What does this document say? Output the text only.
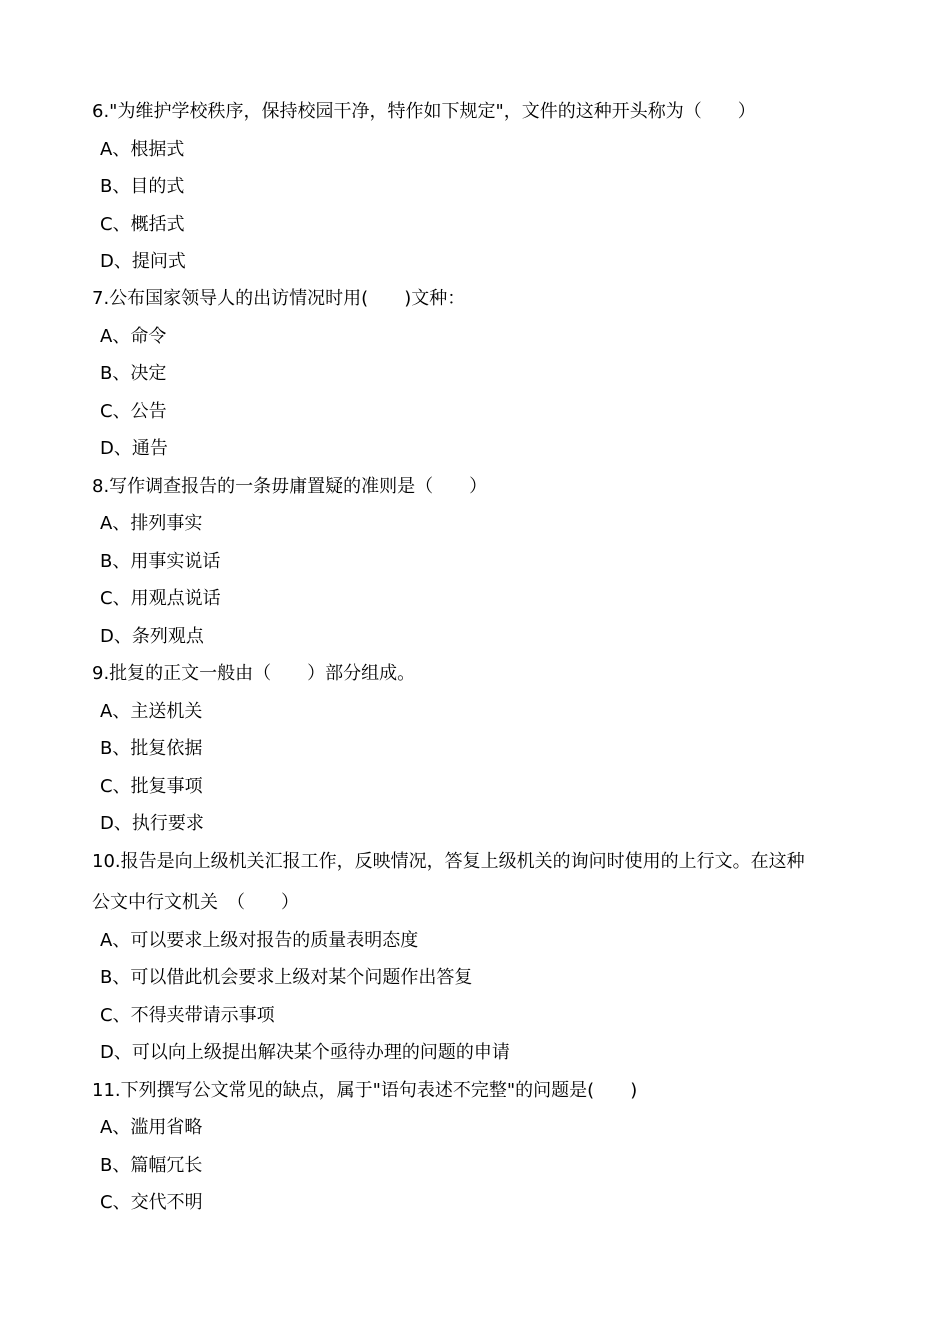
6."为维护学校秩序，保持校园干净，特作如下规定"，文件的这种开头称为（　　）
A、根据式
B、目的式
C、概括式
D、提问式
7.公布国家领导人的出访情况时用(　　)文种：
A、命令
B、决定
C、公告
D、通告
8.写作调查报告的一条毋庸置疑的准则是（　　）
A、排列事实
B、用事实说话
C、用观点说话
D、条列观点
9.批复的正文一般由（　　）部分组成。
A、主送机关
B、批复依据
C、批复事项
D、执行要求
10.报告是向上级机关汇报工作，反映情况，答复上级机关的询问时使用的上行文。在这种
公文中行文机关　（　　）
A、可以要求上级对报告的质量表明态度
B、可以借此机会要求上级对某个问题作出答复
C、不得夹带请示事项
D、可以向上级提出解决某个亟待办理的问题的申请
11.下列撰写公文常见的缺点，属于"语句表述不完整"的问题是(　　)
A、滥用省略
B、篇幅冗长
C、交代不明
